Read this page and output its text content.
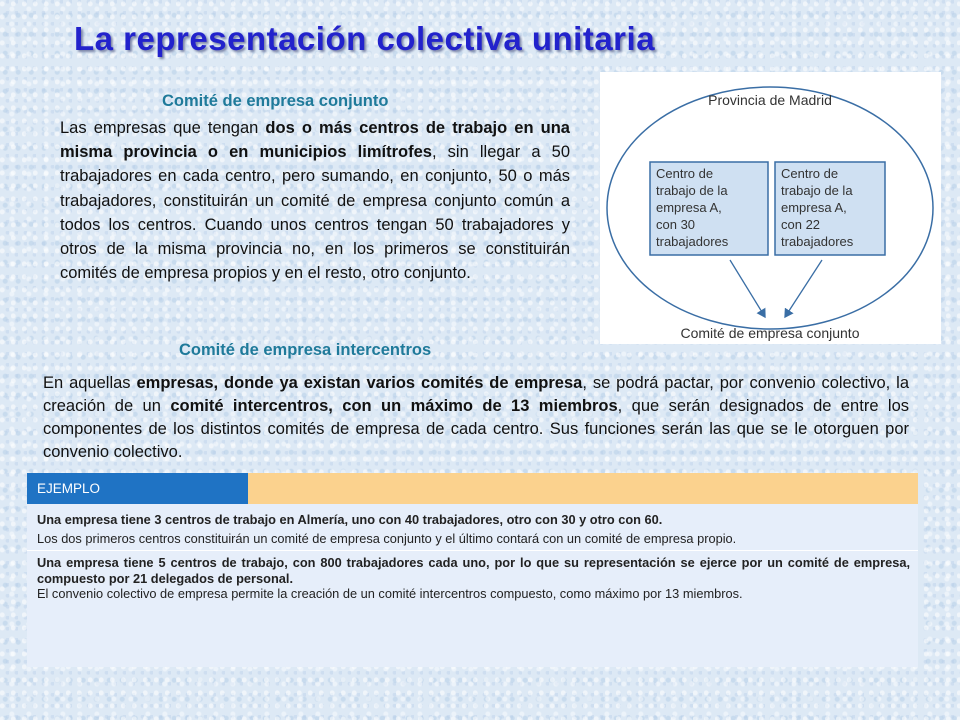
La representación colectiva unitaria
Comité de empresa conjunto
Las empresas que tengan dos o más centros de trabajo en una misma provincia o en municipios limítrofes, sin llegar a 50 trabajadores en cada centro, pero sumando, en conjunto, 50 o más trabajadores, constituirán un comité de empresa conjunto común a todos los centros. Cuando unos centros tengan 50 trabajadores y otros de la misma provincia no, en los primeros se constituirán comités de empresa propios y en el resto, otro conjunto.
Provincia de Madrid
Centro de
trabajo de la
empresa A,
con 30
trabajadores
Centro de
trabajo de la
empresa A,
con 22
trabajadores
Comité de empresa conjunto
Comité de empresa intercentros
En aquellas empresas, donde ya existan varios comités de empresa, se podrá pactar, por convenio colectivo, la creación de un comité intercentros, con un máximo de 13 miembros, que serán designados de entre los componentes de los distintos comités de empresa de cada centro. Sus funciones serán las que se le otorguen por convenio colectivo.
EJEMPLO

Una empresa tiene 3 centros de trabajo en Almería, uno con 40 trabajadores, otro con 30 y otro con 60.

Los dos primeros centros constituirán un comité de empresa conjunto y el último contará con un comité de empresa propio.

Una empresa tiene 5 centros de trabajo, con 800 trabajadores cada uno, por lo que su representación se ejerce por un comité de empresa, compuesto por 21 delegados de personal.

El convenio colectivo de empresa permite la creación de un comité intercentros compuesto, como máximo por 13 miembros.
